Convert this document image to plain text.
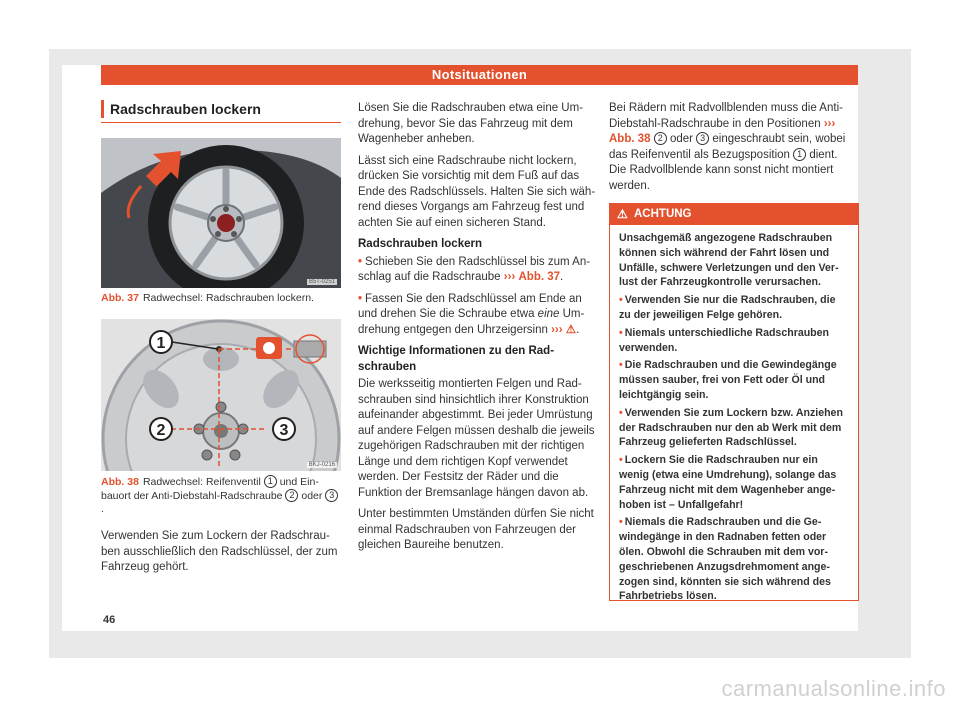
Notsituationen
Radschrauben lockern
B5T-0251
Abb. 37 Radwechsel: Radschrauben lockern.
1
2	3
BKJ-0216
Abb. 38 Radwechsel: Reifenventil 1 und Einbauort der Anti-Diebstahl-Radschraube 2 oder 3.

Verwenden Sie zum Lockern der Radschrauben ausschließlich den Radschlüssel, der zum Fahrzeug gehört.

Lösen Sie die Radschrauben etwa eine Umdrehung, bevor Sie das Fahrzeug mit dem Wagenheber anheben.

Lässt sich eine Radschraube nicht lockern, drücken Sie vorsichtig mit dem Fuß auf das Ende des Radschlüssels. Halten Sie sich während dieses Vorgangs am Fahrzeug fest und achten Sie auf einen sicheren Stand.

Radschrauben lockern

• Schieben Sie den Radschlüssel bis zum Anschlag auf die Radschraube ››› Abb. 37.

• Fassen Sie den Radschlüssel am Ende an und drehen Sie die Schraube etwa eine Umdrehung entgegen den Uhrzeigersinn ››› ⚠.

Wichtige Informationen zu den Radschrauben

Die werksseitig montierten Felgen und Radschrauben sind hinsichtlich ihrer Konstruktion aufeinander abgestimmt. Bei jeder Umrüstung auf andere Felgen müssen deshalb die jeweils zugehörigen Radschrauben mit der richtigen Länge und dem richtigen Kopf verwendet werden. Der Festsitz der Räder und die Funktion der Bremsanlage hängen davon ab.

Unter bestimmten Umständen dürfen Sie nicht einmal Radschrauben von Fahrzeugen der gleichen Baureihe benutzen.

Bei Rädern mit Radvollblenden muss die Anti-Diebstahl-Radschraube in den Positionen ››› Abb. 38 2 oder 3 eingeschraubt sein, wobei das Reifenventil als Bezugsposition 1 dient. Die Radvollblende kann sonst nicht montiert werden.

⚠ ACHTUNG

Unsachgemäß angezogene Radschrauben können sich während der Fahrt lösen und Unfälle, schwere Verletzungen und den Verlust der Fahrzeugkontrolle verursachen.

• Verwenden Sie nur die Radschrauben, die zu der jeweiligen Felge gehören.

• Niemals unterschiedliche Radschrauben verwenden.

• Die Radschrauben und die Gewindegänge müssen sauber, frei von Fett oder Öl und leichtgängig sein.

• Verwenden Sie zum Lockern bzw. Anziehen der Radschrauben nur den ab Werk mit dem Fahrzeug gelieferten Radschlüssel.

• Lockern Sie die Radschrauben nur ein wenig (etwa eine Umdrehung), solange das Fahrzeug nicht mit dem Wagenheber angehoben ist – Unfallgefahr!

• Niemals die Radschrauben und die Gewindegänge in den Radnaben fetten oder ölen. Obwohl die Schrauben mit dem vorgeschriebenen Anzugsdrehmoment angezogen sind, könnten sie sich während des Fahrbetriebs lösen.

46
carmanualsonline.info
